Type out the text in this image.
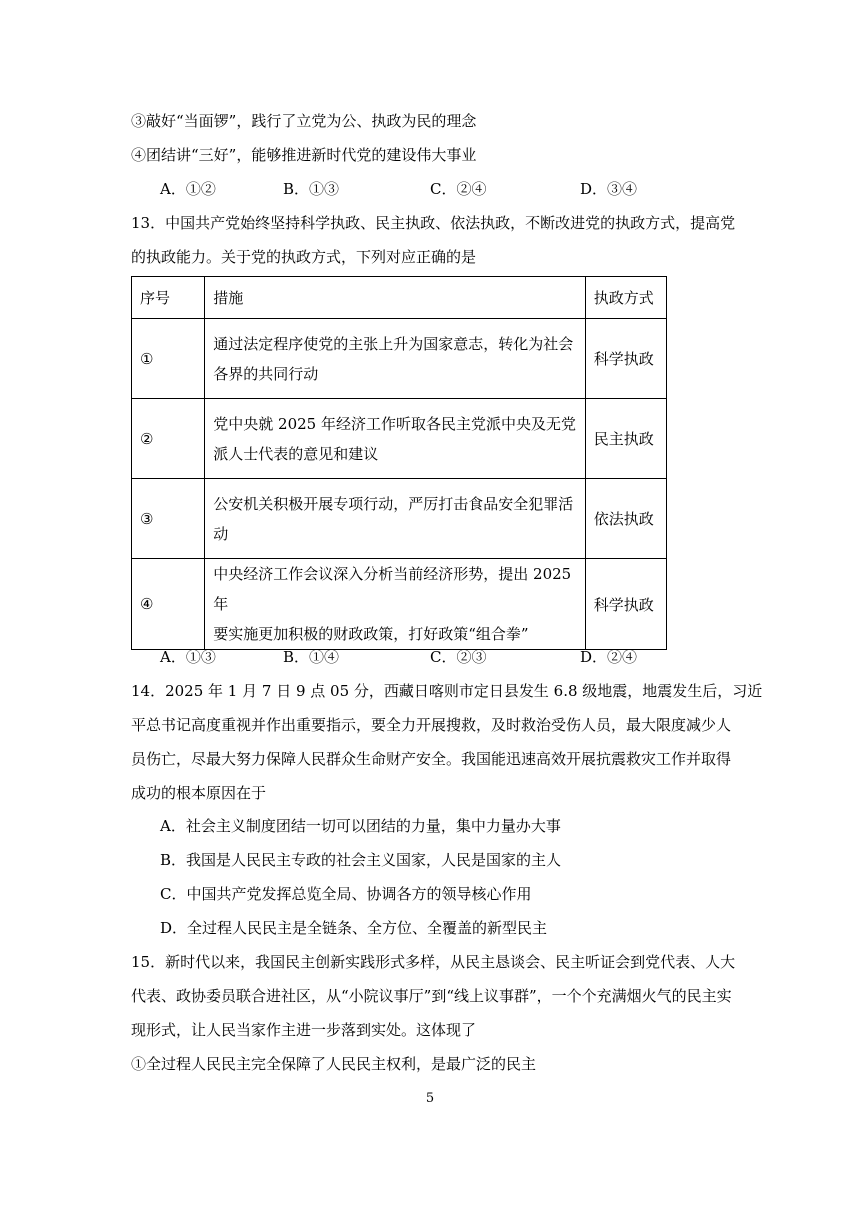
③敲好“当面锣”，践行了立党为公、执政为民的理念
④团结讲“三好”，能够推进新时代党的建设伟大事业
A．①②	B．①③	C．②④	D．③④
13．中国共产党始终坚持科学执政、民主执政、依法执政，不断改进党的执政方式，提高党
的执政能力。关于党的执政方式，下列对应正确的是
序号	措施	执政方式
①	通过法定程序使党的主张上升为国家意志，转化为社会
各界的共同行动	科学执政
②	党中央就 2025 年经济工作听取各民主党派中央及无党
派人士代表的意见和建议	民主执政
③	公安机关积极开展专项行动，严厉打击食品安全犯罪活
动	依法执政
④	中央经济工作会议深入分析当前经济形势，提出 2025 年
要实施更加积极的财政政策，打好政策“组合拳”	科学执政
A．①③	B．①④	C．②③	D．②④
14．2025 年 1 月 7 日 9 点 05 分，西藏日喀则市定日县发生 6.8 级地震，地震发生后，习近
平总书记高度重视并作出重要指示，要全力开展搜救，及时救治受伤人员，最大限度减少人
员伤亡，尽最大努力保障人民群众生命财产安全。我国能迅速高效开展抗震救灾工作并取得
成功的根本原因在于
A．社会主义制度团结一切可以团结的力量，集中力量办大事
B．我国是人民民主专政的社会主义国家，人民是国家的主人
C．中国共产党发挥总览全局、协调各方的领导核心作用
D．全过程人民民主是全链条、全方位、全覆盖的新型民主
15．新时代以来，我国民主创新实践形式多样，从民主恳谈会、民主听证会到党代表、人大
代表、政协委员联合进社区，从“小院议事厅”到“线上议事群”，一个个充满烟火气的民主实
现形式，让人民当家作主进一步落到实处。这体现了
①全过程人民民主完全保障了人民民主权利，是最广泛的民主
5
